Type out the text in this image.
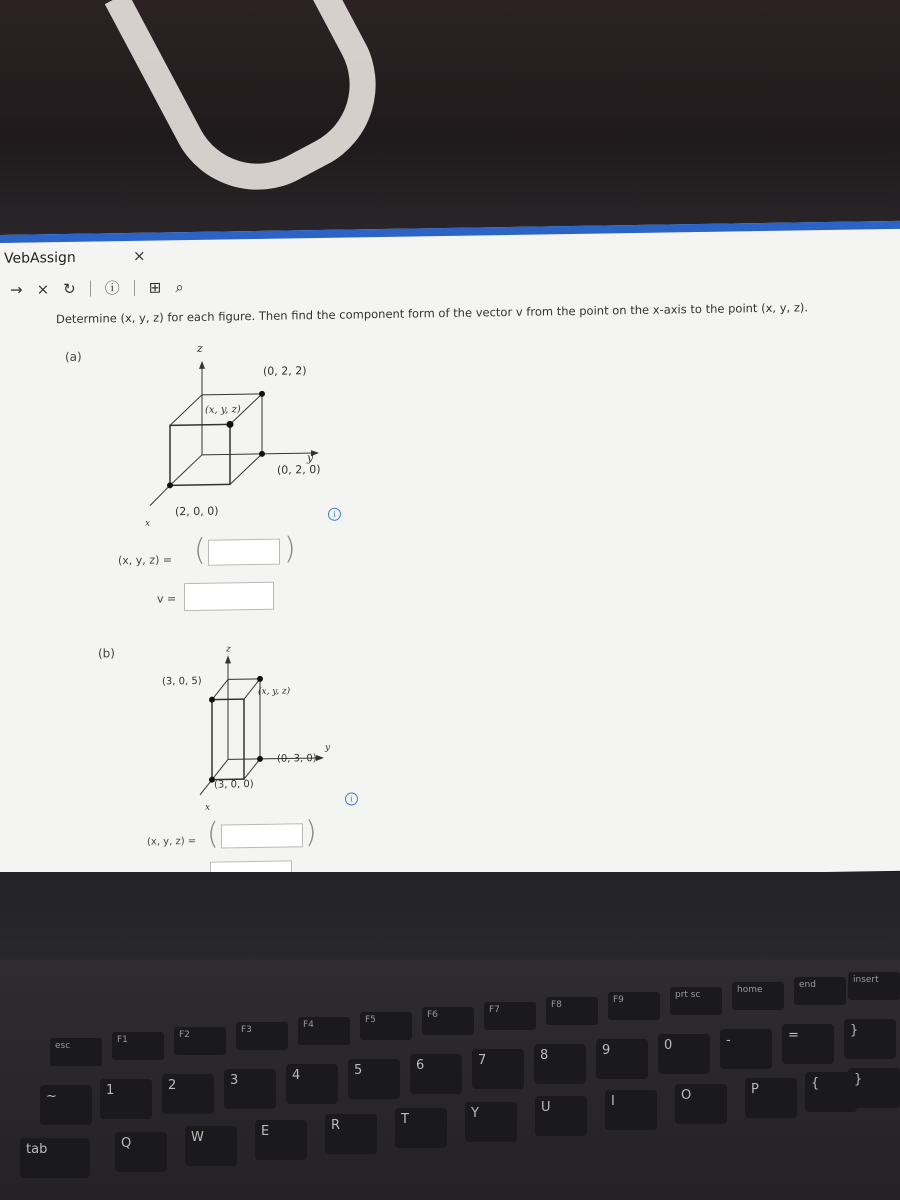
VebAssign	×
→ × ↻ ⓘ ⊞ ⌕
Determine (x, y, z) for each figure. Then find the component form of the vector v from the point on the x-axis to the point (x, y, z).
(a)
z
y
x
(0, 2, 2)
(x, y, z)
(0, 2, 0)
(2, 0, 0)	i
(x, y, z) = (	)
v =
(b)	z
y
x
(3, 0, 5)
(x, y, z)
(0, 3, 0)
(3, 0, 0)
i
(x, y, z) = (	)
esc
F1	F2	F3	F4	F5	F6	F7	F8	F9	prt sc	home	end	insert
~	1	2	3	4	5	6	7	8	9	0	-	=	}
tab	Q	W	E	R	T	Y	U	I	O	P	{	}
